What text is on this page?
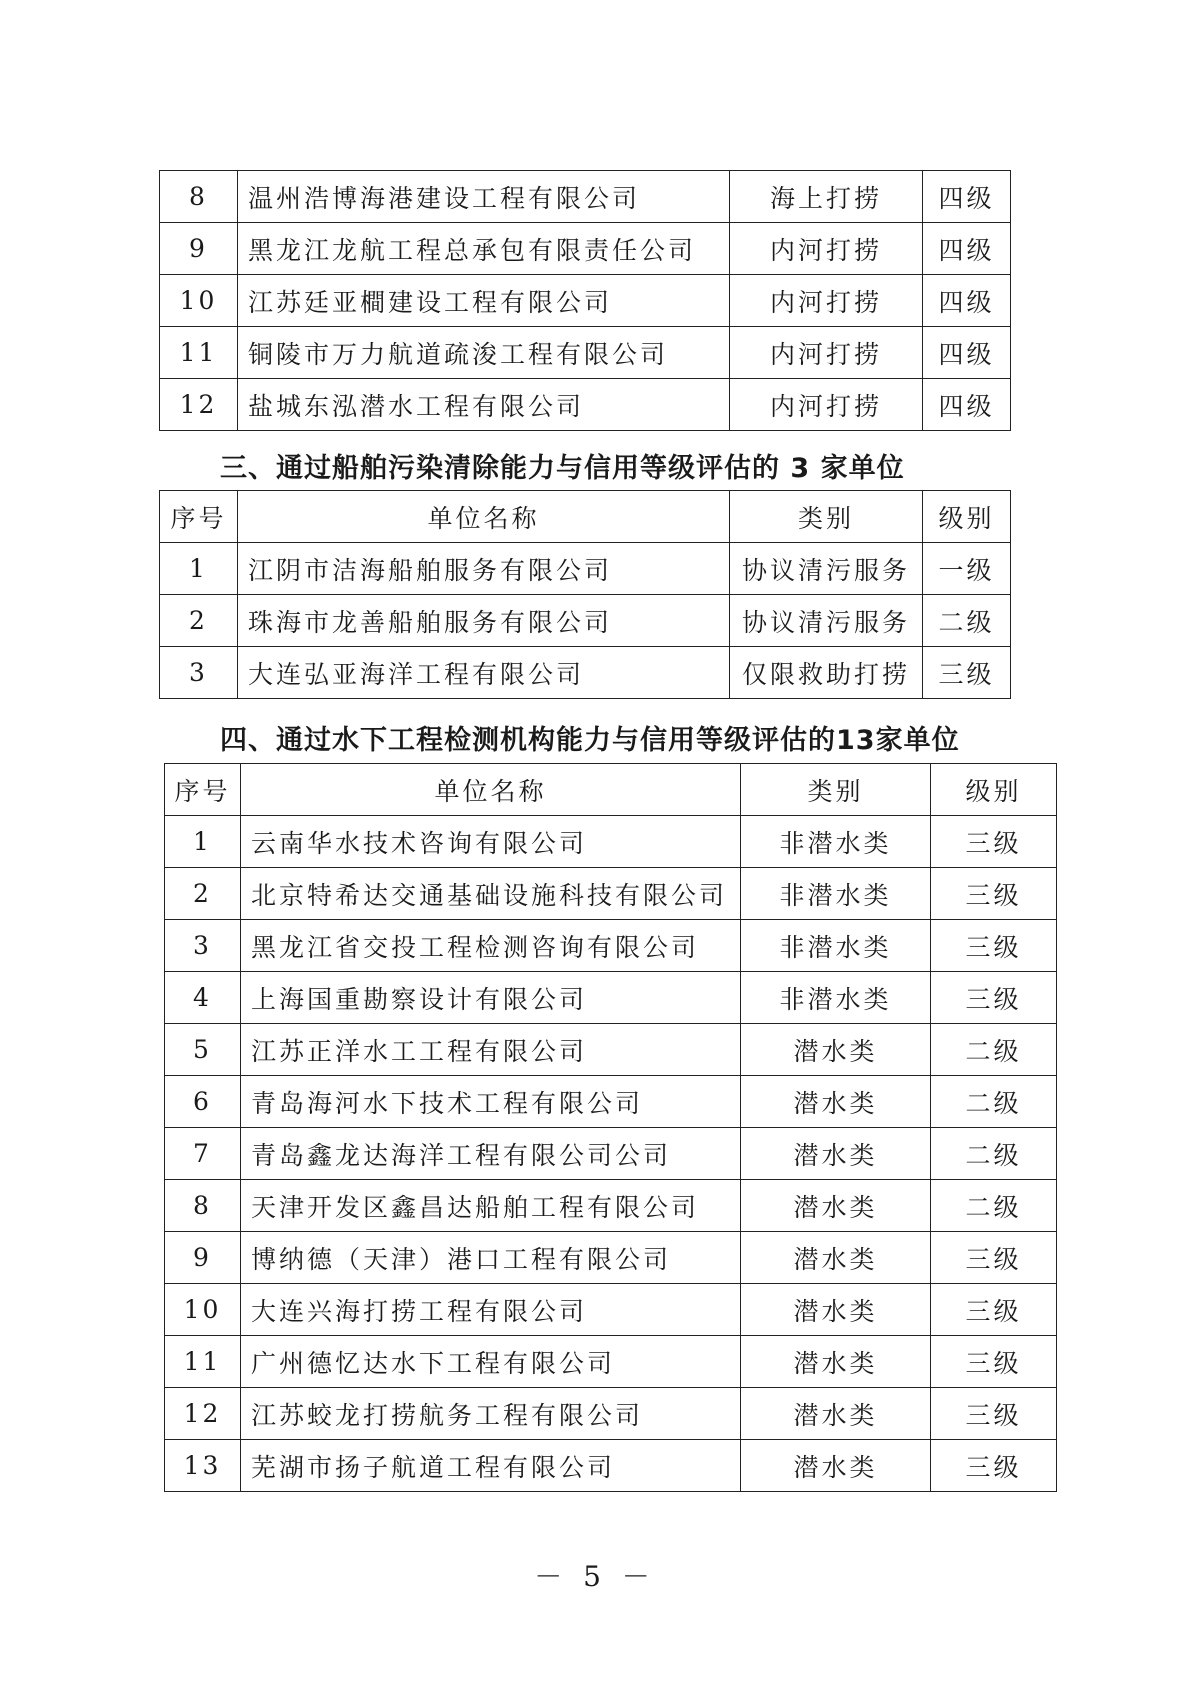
8	温州浩博海港建设工程有限公司	海上打捞	四级
9	黑龙江龙航工程总承包有限责任公司	内河打捞	四级
10	江苏廷亚橺建设工程有限公司	内河打捞	四级
11	铜陵市万力航道疏浚工程有限公司	内河打捞	四级
12	盐城东泓潜水工程有限公司	内河打捞	四级
三、通过船舶污染清除能力与信用等级评估的 3 家单位
序号	单位名称	类别	级别
1	江阴市洁海船舶服务有限公司	协议清污服务	一级
2	珠海市龙善船舶服务有限公司	协议清污服务	二级
3	大连弘亚海洋工程有限公司	仅限救助打捞	三级
四、通过水下工程检测机构能力与信用等级评估的13家单位
序号	单位名称	类别	级别
1	云南华水技术咨询有限公司	非潜水类	三级
2	北京特希达交通基础设施科技有限公司	非潜水类	三级
3	黑龙江省交投工程检测咨询有限公司	非潜水类	三级
4	上海国重勘察设计有限公司	非潜水类	三级
5	江苏正洋水工工程有限公司	潜水类	二级
6	青岛海河水下技术工程有限公司	潜水类	二级
7	青岛鑫龙达海洋工程有限公司公司	潜水类	二级
8	天津开发区鑫昌达船舶工程有限公司	潜水类	二级
9	博纳德（天津）港口工程有限公司	潜水类	三级
10	大连兴海打捞工程有限公司	潜水类	三级
11	广州德忆达水下工程有限公司	潜水类	三级
12	江苏蛟龙打捞航务工程有限公司	潜水类	三级
13	芜湖市扬子航道工程有限公司	潜水类	三级
－ 5 －
